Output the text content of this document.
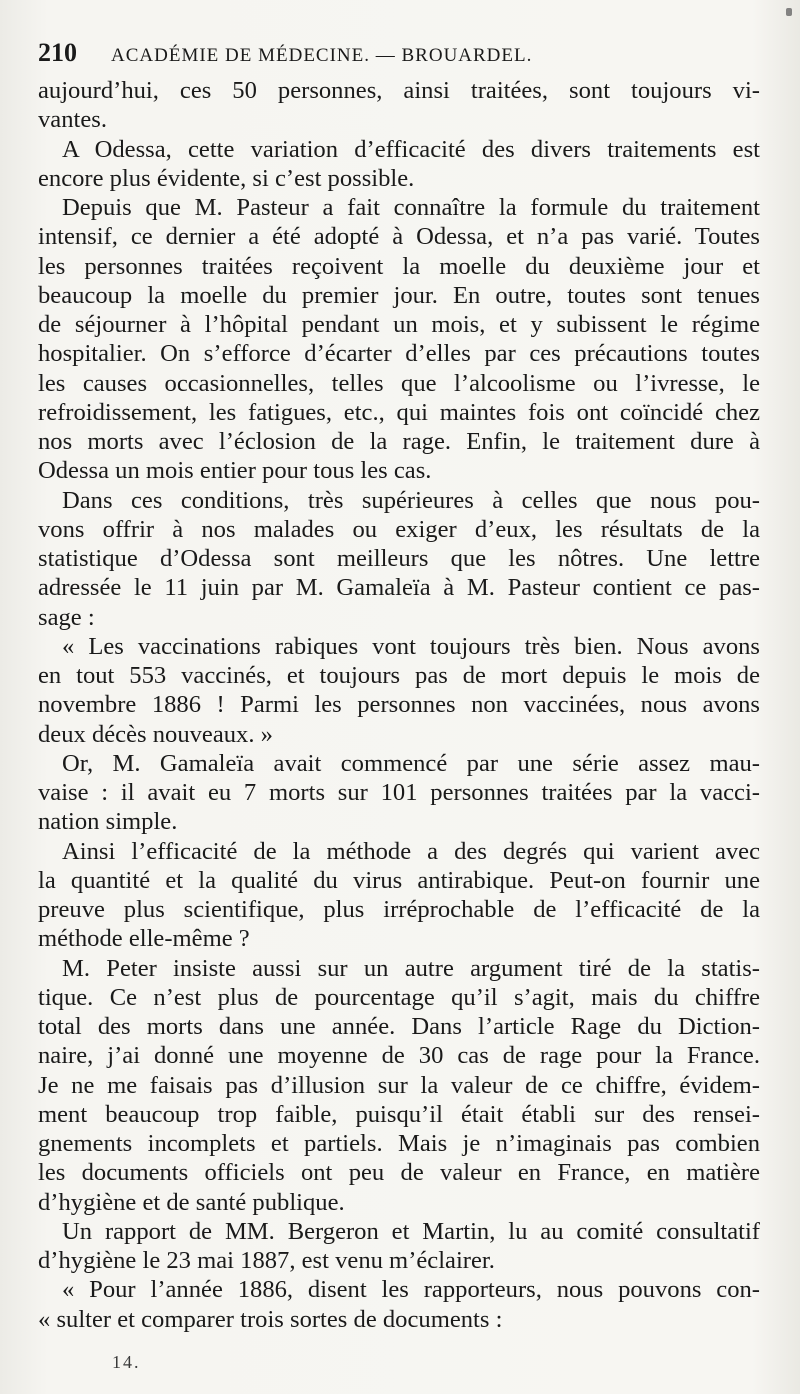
210 ACADÉMIE DE MÉDECINE. — BROUARDEL.
aujourd’hui, ces 50 personnes, ainsi traitées, sont toujours vi-
vantes.
A Odessa, cette variation d’efficacité des divers traitements est
encore plus évidente, si c’est possible.
Depuis que M. Pasteur a fait connaître la formule du traitement
intensif, ce dernier a été adopté à Odessa, et n’a pas varié. Toutes
les personnes traitées reçoivent la moelle du deuxième jour et
beaucoup la moelle du premier jour. En outre, toutes sont tenues
de séjourner à l’hôpital pendant un mois, et y subissent le régime
hospitalier. On s’efforce d’écarter d’elles par ces précautions toutes
les causes occasionnelles, telles que l’alcoolisme ou l’ivresse, le
refroidissement, les fatigues, etc., qui maintes fois ont coïncidé chez
nos morts avec l’éclosion de la rage. Enfin, le traitement dure à
Odessa un mois entier pour tous les cas.
Dans ces conditions, très supérieures à celles que nous pou-
vons offrir à nos malades ou exiger d’eux, les résultats de la
statistique d’Odessa sont meilleurs que les nôtres. Une lettre
adressée le 11 juin par M. Gamaleïa à M. Pasteur contient ce pas-
sage :
« Les vaccinations rabiques vont toujours très bien. Nous avons
en tout 553 vaccinés, et toujours pas de mort depuis le mois de
novembre 1886 ! Parmi les personnes non vaccinées, nous avons
deux décès nouveaux. »
Or, M. Gamaleïa avait commencé par une série assez mau-
vaise : il avait eu 7 morts sur 101 personnes traitées par la vacci-
nation simple.
Ainsi l’efficacité de la méthode a des degrés qui varient avec
la quantité et la qualité du virus antirabique. Peut-on fournir une
preuve plus scientifique, plus irréprochable de l’efficacité de la
méthode elle-même ?
M. Peter insiste aussi sur un autre argument tiré de la statis-
tique. Ce n’est plus de pourcentage qu’il s’agit, mais du chiffre
total des morts dans une année. Dans l’article Rage du Diction-
naire, j’ai donné une moyenne de 30 cas de rage pour la France.
Je ne me faisais pas d’illusion sur la valeur de ce chiffre, évidem-
ment beaucoup trop faible, puisqu’il était établi sur des rensei-
gnements incomplets et partiels. Mais je n’imaginais pas combien
les documents officiels ont peu de valeur en France, en matière
d’hygiène et de santé publique.
Un rapport de MM. Bergeron et Martin, lu au comité consultatif
d’hygiène le 23 mai 1887, est venu m’éclairer.
« Pour l’année 1886, disent les rapporteurs, nous pouvons con-
« sulter et comparer trois sortes de documents :
14.
